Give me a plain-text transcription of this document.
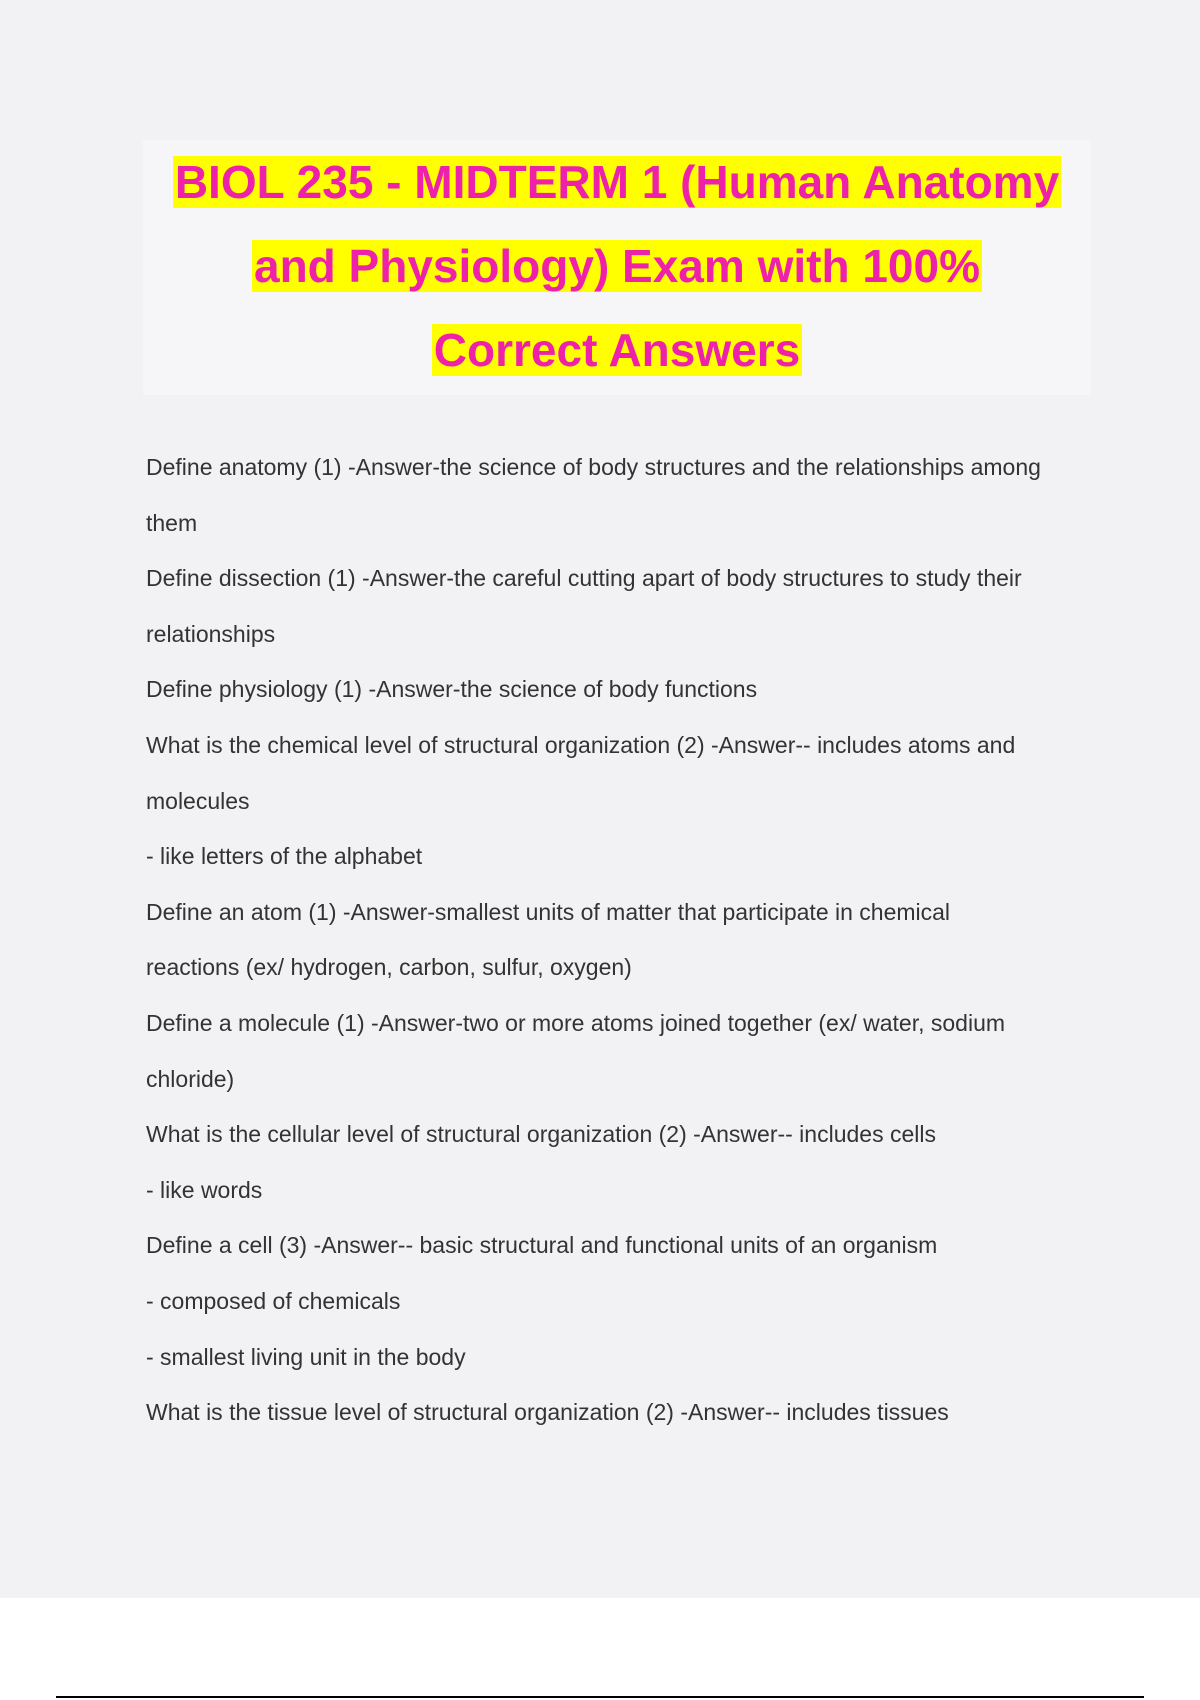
BIOL 235 - MIDTERM 1 (Human Anatomy
and Physiology) Exam with 100%
Correct Answers
Define anatomy (1) -Answer-the science of body structures and the relationships among
them
Define dissection (1) -Answer-the careful cutting apart of body structures to study their
relationships
Define physiology (1) -Answer-the science of body functions
What is the chemical level of structural organization (2) -Answer-- includes atoms and
molecules
- like letters of the alphabet
Define an atom (1) -Answer-smallest units of matter that participate in chemical
reactions (ex/ hydrogen, carbon, sulfur, oxygen)
Define a molecule (1) -Answer-two or more atoms joined together (ex/ water, sodium
chloride)
What is the cellular level of structural organization (2) -Answer-- includes cells
- like words
Define a cell (3) -Answer-- basic structural and functional units of an organism
- composed of chemicals
- smallest living unit in the body
What is the tissue level of structural organization (2) -Answer-- includes tissues
